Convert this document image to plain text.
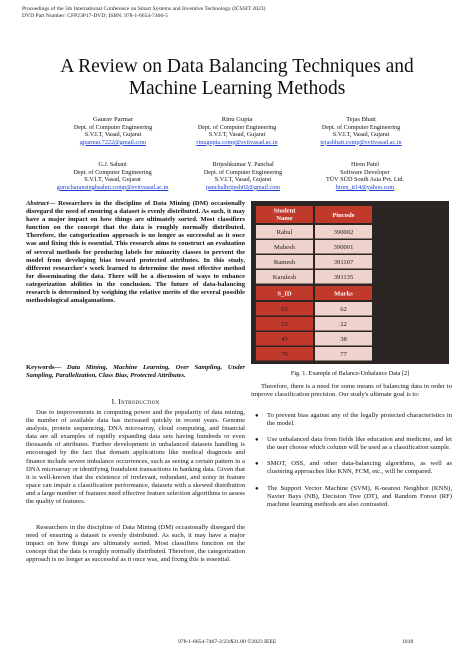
Proceedings of the 5th International Conference on Smart Systems and Inventive Technology (ICSSIT 2023)
DVD Part Number: CFP23P17-DVD; ISBN: 978-1-6654-7466-5
A Review on Data Balancing Techniques and
Machine Learning Methods
Gaurav Parmar
Dept. of Computer Engineering
S.V.I.T, Vasad, Gujarat
gparmar.7222@gmail.com
Rinu Gupta
Dept. of Computer Engineering
S.V.I.T, Vasad, Gujarat
rinugupta.comp@svitvasad.ac.in
Tejas Bhatt
Dept. of Computer Engineering
S.V.I.T, Vasad, Gujarat
tejasbhatt.comp@svitvasad.ac.in
G.J. Sahani
Dept. of Computer Engineering
S.V.I.T, Vasad, Gujarat
gurucharansinghsahni.comp@svitvasad.ac.in
Brijeshkumar Y. Panchal
Dept. of Computer Engineering
S.V.I.T, Vasad, Gujarat
panchalbrijesh02@gmail.com
Hiren Patel
Software Developer
TÜV SÜD South Asia Pvt. Ltd.
hiren_it14@yahoo.com
Abstract— Researchers in the discipline of Data Mining (DM) occasionally disregard the need of ensuring a dataset is evenly distributed. As such, it may have a major impact on how things are ultimately sorted. Most classifiers function on the concept that the data is roughly normally distributed. Therefore, the categorization approach is no longer as successful as it once was and fixing this is essential. This research aims to construct an evaluation of several methods for producing labels for minority classes to prevent the model from developing bias toward protected attributes. In this study, different researcher's work learned to determine the most effective method for disseminating the data. There will be a discussion of ways to enhance categorization abilities in the conclusion. The future of data-balancing research is determined by weighing the relative merits of the several possible methodological amalgamations.
Keywords— Data Mining, Machine Learning, Over Sampling, Under Sampling, Parallelization, Class Bias, Protected Attributes.
I. Introduction
Due to improvements in computing power and the popularity of data mining, the number of available data has increased quickly in recent years. Genome analysis, protein sequencing, DNA microarray, cloud computing, and financial data are all examples of rapidly expanding data sets having hundreds or even thousands of attributes. Further development in unbalanced datasets handling is encouraged by the fact that domain applications like medical diagnosis and finance include severe imbalance occurrences, such as seeing a certain pattern in a DNA microarray or identifying fraudulent transactions in banking data. Given that it is well-known that the existence of irrelevant, redundant, and noisy in feature space can impair a classification performance, datasets with a skewed distribution and a large number of features need effective feature selection algorithms to assess the quality of features.
Researchers in the discipline of Data Mining (DM) occasionally disregard the need of ensuring a dataset is evenly distributed. As such, it may have a major impact on how things are ultimately sorted. Most classifiers function on the concept that the data is roughly normally distributed. Therefore, the categorization approach is no longer as successful as it once was, and fixing this is essential.
Student
Name	Pincode
Rahul	390002
Mahesh	390001
Ramesh	391107
Karalesh	391135
S_ID	Marks
65	62
15	22
43	38
79	77
Fig. 1. Example of Balance-Unbalance Data [2]
Therefore, there is a need for some means of balancing data in order to improve classification precision. Our study's ultimate goal is to:
● To prevent bias against any of the legally protected characteristics in the model.
● Use unbalanced data from fields like education and medicine, and let the user choose which column will be used as a classification sample.
● SMOT, OSS, and other data-balancing algorithms, as well as clustering approaches like KNN, FCM, etc., will be compared.
● The Support Vector Machine (SVM), K-nearest Neighbor (KNN), Navier Bays (NB), Decision Tree (DT), and Random Forest (RF) machine learning methods are also contrasted.
978-1-6654-7467-2/23/$31.00 ©2023 IEEE	1018
